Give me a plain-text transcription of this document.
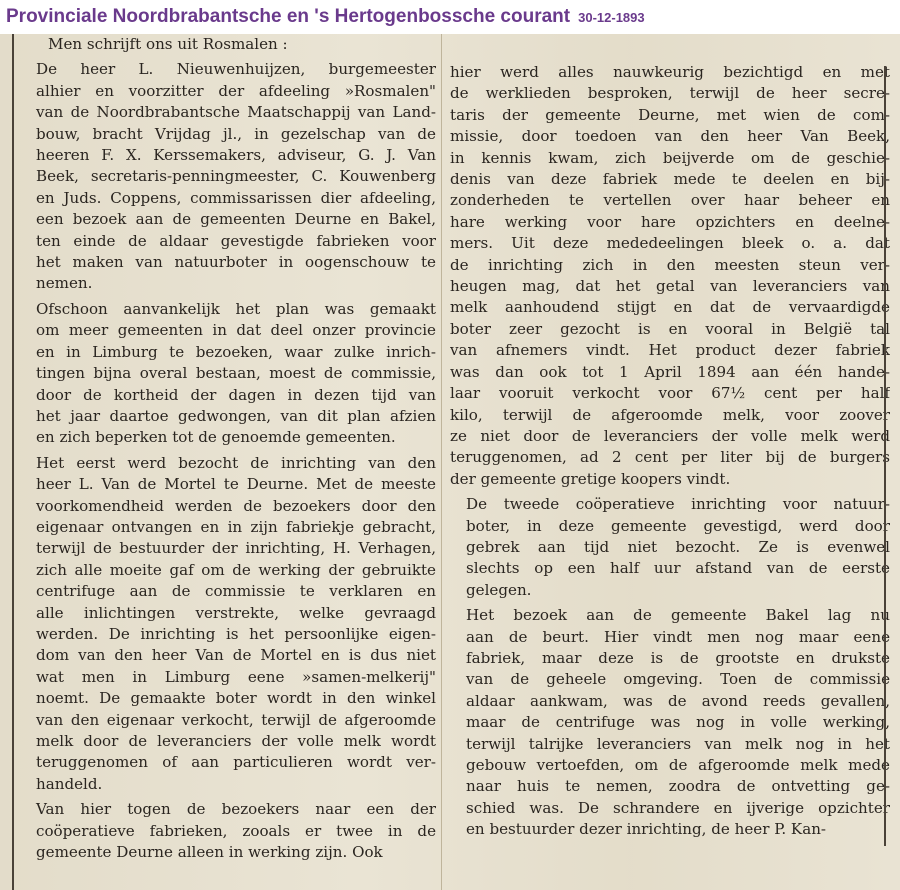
Provinciale Noordbrabantsche en 's Hertogenbossche courant 30-12-1893

Men schrijft ons uit Rosmalen :

De heer L. Nieuwenhuijzen, burgemeester
alhier en voorzitter der afdeeling »Rosmalen"
van de Noordbrabantsche Maatschappij van Land-
bouw, bracht Vrijdag jl., in gezelschap van de
heeren F. X. Kerssemakers, adviseur, G. J. Van
Beek, secretaris-penningmeester, C. Kouwenberg
en Juds. Coppens, commissarissen dier afdeeling,
een bezoek aan de gemeenten Deurne en Bakel,
ten einde de aldaar gevestigde fabrieken voor
het maken van natuurboter in oogenschouw te
nemen.

Ofschoon aanvankelijk het plan was gemaakt
om meer gemeenten in dat deel onzer provincie
en in Limburg te bezoeken, waar zulke inrich-
tingen bijna overal bestaan, moest de commissie,
door de kortheid der dagen in dezen tijd van
het jaar daartoe gedwongen, van dit plan afzien
en zich beperken tot de genoemde gemeenten.

Het eerst werd bezocht de inrichting van den
heer L. Van de Mortel te Deurne. Met de meeste
voorkomendheid werden de bezoekers door den
eigenaar ontvangen en in zijn fabriekje gebracht,
terwijl de bestuurder der inrichting, H. Verhagen,
zich alle moeite gaf om de werking der gebruikte
centrifuge aan de commissie te verklaren en
alle inlichtingen verstrekte, welke gevraagd
werden. De inrichting is het persoonlijke eigen-
dom van den heer Van de Mortel en is dus niet
wat men in Limburg eene »samen-melkerij"
noemt. De gemaakte boter wordt in den winkel
van den eigenaar verkocht, terwijl de afgeroomde
melk door de leveranciers der volle melk wordt
teruggenomen of aan particulieren wordt ver-
handeld.

Van hier togen de bezoekers naar een der
coöperatieve fabrieken, zooals er twee in de
gemeente Deurne alleen in werking zijn. Ook

hier werd alles nauwkeurig bezichtigd en met
de werklieden besproken, terwijl de heer secre-
taris der gemeente Deurne, met wien de com-
missie, door toedoen van den heer Van Beek,
in kennis kwam, zich beijverde om de geschie-
denis van deze fabriek mede te deelen en bij-
zonderheden te vertellen over haar beheer en
hare werking voor hare opzichters en deelne-
mers. Uit deze mededeelingen bleek o. a. dat
de inrichting zich in den meesten steun ver-
heugen mag, dat het getal van leveranciers van
melk aanhoudend stijgt en dat de vervaardigde
boter zeer gezocht is en vooral in België tal
van afnemers vindt. Het product dezer fabriek
was dan ook tot 1 April 1894 aan één hande-
laar vooruit verkocht voor 67½ cent per half
kilo, terwijl de afgeroomde melk, voor zoover
ze niet door de leveranciers der volle melk werd
teruggenomen, ad 2 cent per liter bij de burgers
der gemeente gretige koopers vindt.

De tweede coöperatieve inrichting voor natuur-
boter, in deze gemeente gevestigd, werd door
gebrek aan tijd niet bezocht. Ze is evenwel
slechts op een half uur afstand van de eerste
gelegen.

Het bezoek aan de gemeente Bakel lag nu
aan de beurt. Hier vindt men nog maar eene
fabriek, maar deze is de grootste en drukste
van de geheele omgeving. Toen de commissie
aldaar aankwam, was de avond reeds gevallen,
maar de centrifuge was nog in volle werking,
terwijl talrijke leveranciers van melk nog in het
gebouw vertoefden, om de afgeroomde melk mede
naar huis te nemen, zoodra de ontvetting ge-
schied was. De schrandere en ijverige opzichter
en bestuurder dezer inrichting, de heer P. Kan-
